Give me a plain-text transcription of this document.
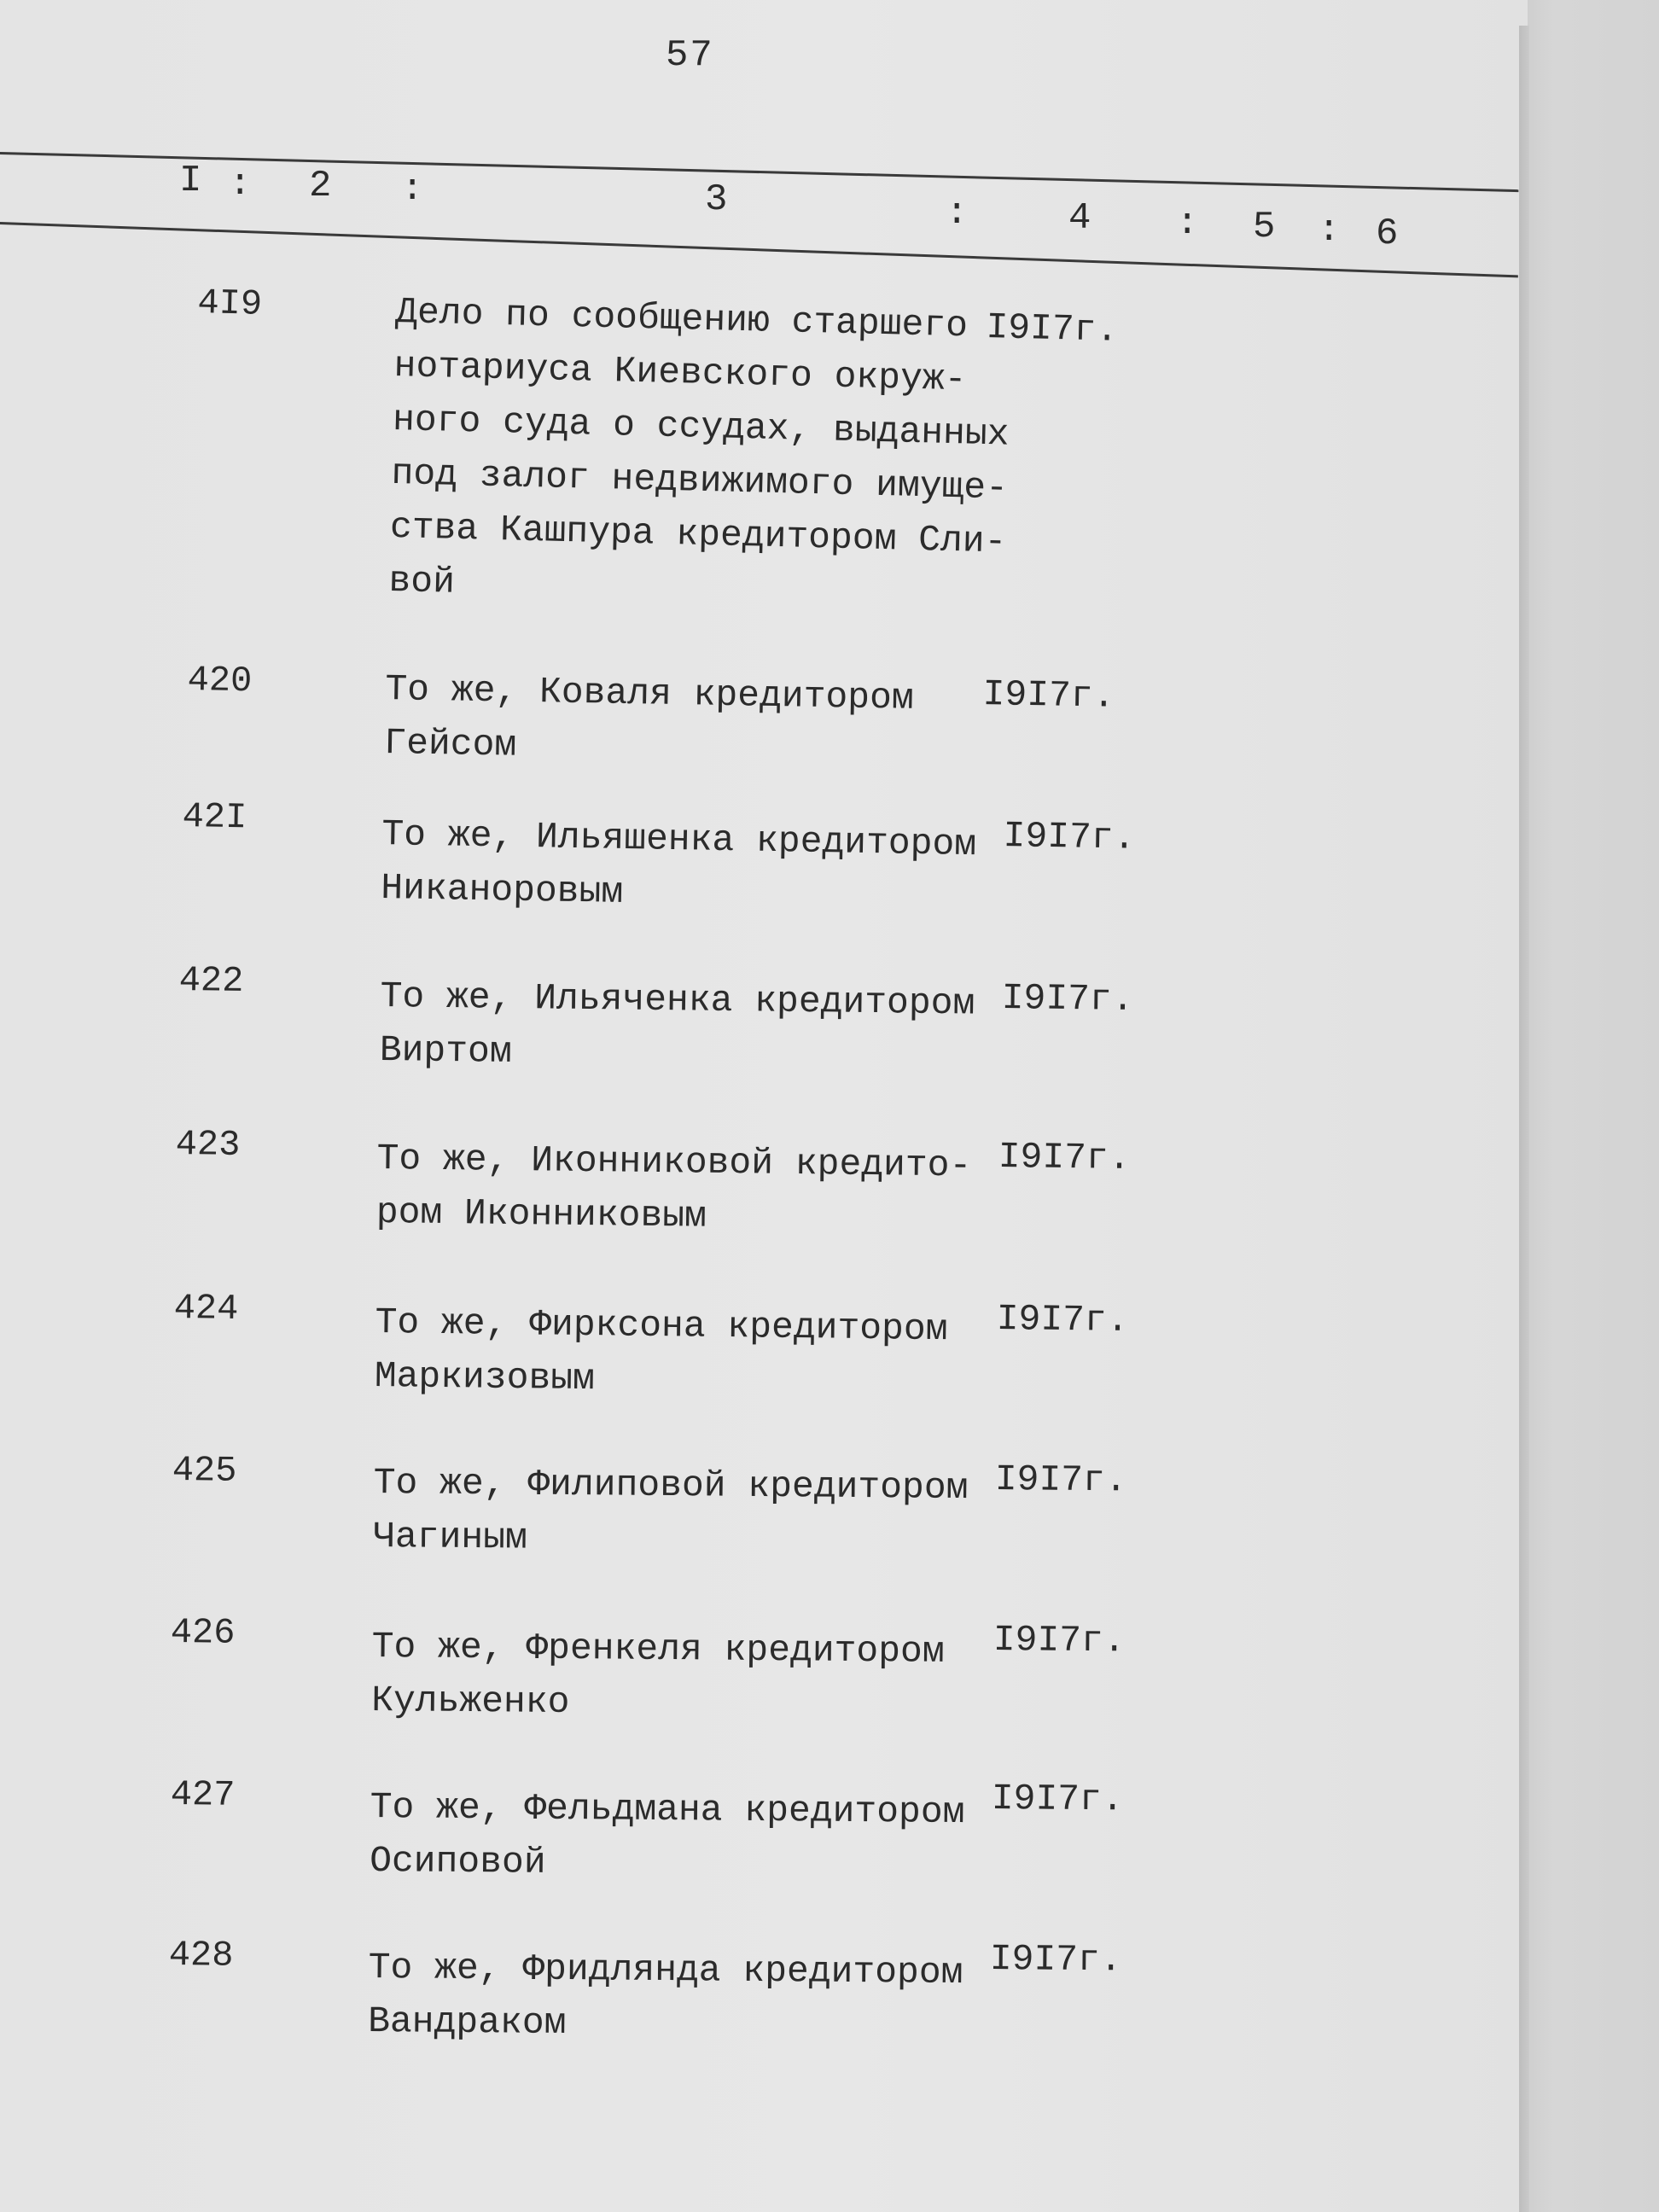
57
I : 2 :	3	:	4 : 5 : 6
4I9	Дело по сообщению старшего
нотариуса Киевского окруж-
ного суда о ссудах, выданных
под залог недвижимого имуще-
ства Кашпура кредитором Сли-
вой
I9I7г.
420	То же, Коваля кредитором
Гейсом
I9I7г.
42I	То же, Ильяшенка кредитором
Никаноровым
I9I7г.
422	То же, Ильяченка кредитором
Виртом
I9I7г.
423	То же, Иконниковой кредито-
ром Иконниковым
I9I7г.
424	То же, Фирксона кредитором
Маркизовым
I9I7г.
425	То же, Филиповой кредитором
Чагиным
I9I7г.
426	То же, Френкеля кредитором
Кульженко
I9I7г.
427	То же, Фельдмана кредитором
Осиповой
I9I7г.
428	То же, Фридлянда кредитором
Вандраком
I9I7г.
